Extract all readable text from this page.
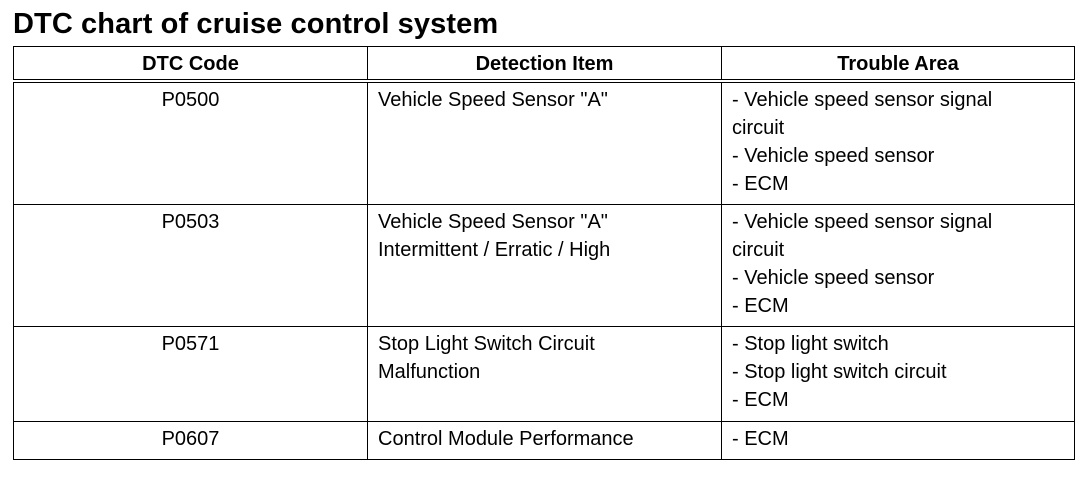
DTC chart of cruise control system
DTC Code	Detection Item	Trouble Area
P0500	Vehicle Speed Sensor "A"	- Vehicle speed sensor signal
circuit
- Vehicle speed sensor
- ECM

P0503	Vehicle Speed Sensor "A"
Intermittent / Erratic / High	- Vehicle speed sensor signal
circuit
- Vehicle speed sensor
- ECM

P0571	Stop Light Switch Circuit
Malfunction	- Stop light switch
- Stop light switch circuit
- ECM

P0607	Control Module Performance	- ECM
